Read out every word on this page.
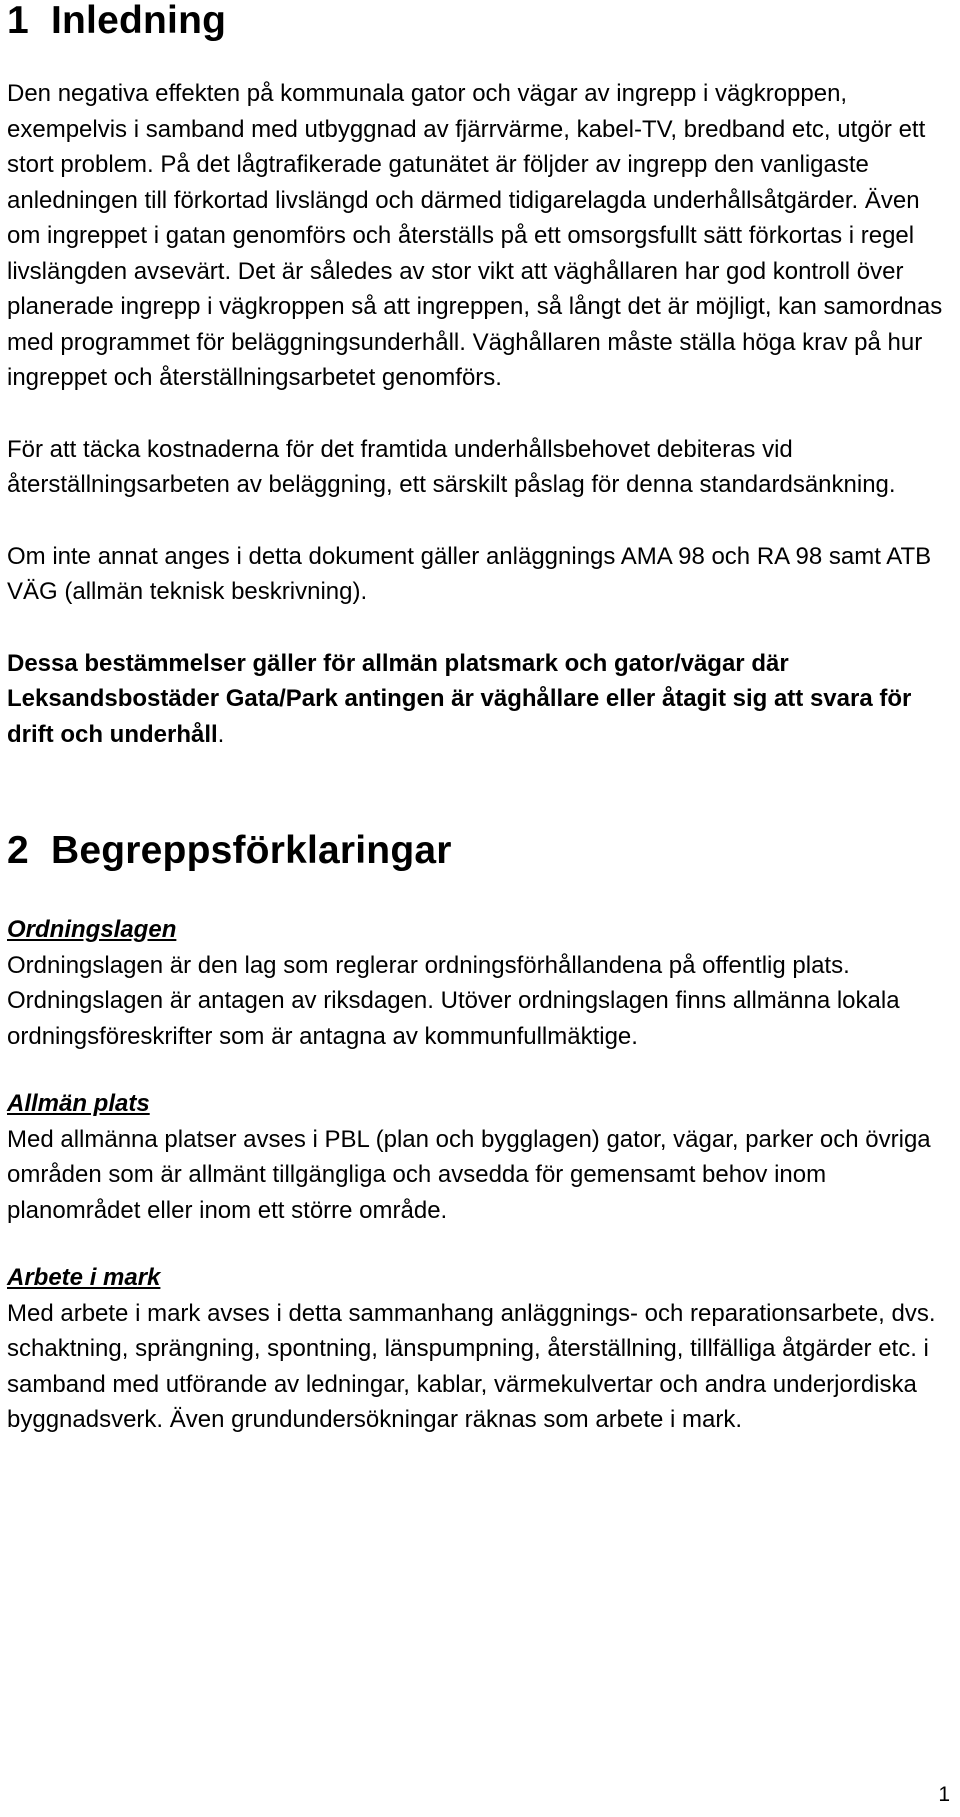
1 Inledning

Den negativa effekten på kommunala gator och vägar av ingrepp i vägkroppen, exempelvis i samband med utbyggnad av fjärrvärme, kabel-TV, bredband etc, utgör ett stort problem. På det lågtrafikerade gatunätet är följder av ingrepp den vanligaste anledningen till förkortad livslängd och därmed tidigarelagda underhållsåtgärder. Även om ingreppet i gatan genomförs och återställs på ett omsorgsfullt sätt förkortas i regel livslängden avsevärt. Det är således av stor vikt att väghållaren har god kontroll över planerade ingrepp i vägkroppen så att ingreppen, så långt det är möjligt, kan samordnas med programmet för beläggningsunderhåll. Väghållaren måste ställa höga krav på hur ingreppet och återställningsarbetet genomförs.

För att täcka kostnaderna för det framtida underhållsbehovet debiteras vid återställningsarbeten av beläggning, ett särskilt påslag för denna standardsänkning.

Om inte annat anges i detta dokument gäller anläggnings AMA 98 och RA 98 samt ATB VÄG (allmän teknisk beskrivning).

Dessa bestämmelser gäller för allmän platsmark och gator/vägar där Leksandsbostäder Gata/Park antingen är väghållare eller åtagit sig att svara för drift och underhåll.

2 Begreppsförklaringar

Ordningslagen

Ordningslagen är den lag som reglerar ordningsförhållandena på offentlig plats. Ordningslagen är antagen av riksdagen. Utöver ordningslagen finns allmänna lokala ordningsföreskrifter som är antagna av kommunfullmäktige.

Allmän plats

Med allmänna platser avses i PBL (plan och bygglagen) gator, vägar, parker och övriga områden som är allmänt tillgängliga och avsedda för gemensamt behov inom planområdet eller inom ett större område.

Arbete i mark

Med arbete i mark avses i detta sammanhang anläggnings- och reparationsarbete, dvs. schaktning, sprängning, spontning, länspumpning, återställning, tillfälliga åtgärder etc. i samband med utförande av ledningar, kablar, värmekulvertar och andra underjordiska byggnadsverk. Även grundundersökningar räknas som arbete i mark.

1
